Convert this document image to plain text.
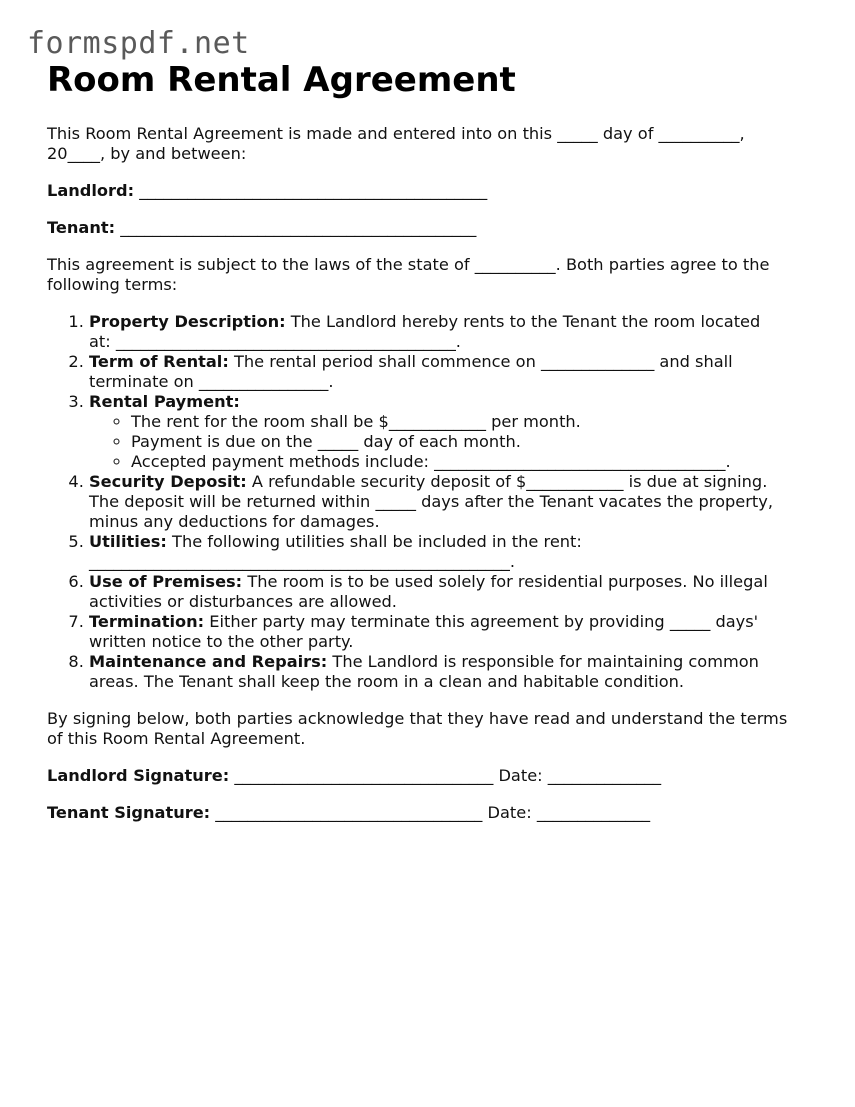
formspdf.net
Room Rental Agreement

This Room Rental Agreement is made and entered into on this _____ day of __________,
20____, by and between:

Landlord: ___________________________________________

Tenant: ____________________________________________

This agreement is subject to the laws of the state of __________. Both parties agree to the
following terms:

1. Property Description: The Landlord hereby rents to the Tenant the room located
at: __________________________________________.
2. Term of Rental: The rental period shall commence on ______________ and shall
terminate on ________________.
3. Rental Payment:
◦ The rent for the room shall be $____________ per month.
◦ Payment is due on the _____ day of each month.
◦ Accepted payment methods include: ____________________________________.
4. Security Deposit: A refundable security deposit of $____________ is due at signing.
The deposit will be returned within _____ days after the Tenant vacates the property,
minus any deductions for damages.
5. Utilities: The following utilities shall be included in the rent:
____________________________________________________.
6. Use of Premises: The room is to be used solely for residential purposes. No illegal
activities or disturbances are allowed.
7. Termination: Either party may terminate this agreement by providing _____ days'
written notice to the other party.
8. Maintenance and Repairs: The Landlord is responsible for maintaining common
areas. The Tenant shall keep the room in a clean and habitable condition.

By signing below, both parties acknowledge that they have read and understand the terms
of this Room Rental Agreement.

Landlord Signature: ________________________________ Date: ______________

Tenant Signature: _________________________________ Date: ______________
